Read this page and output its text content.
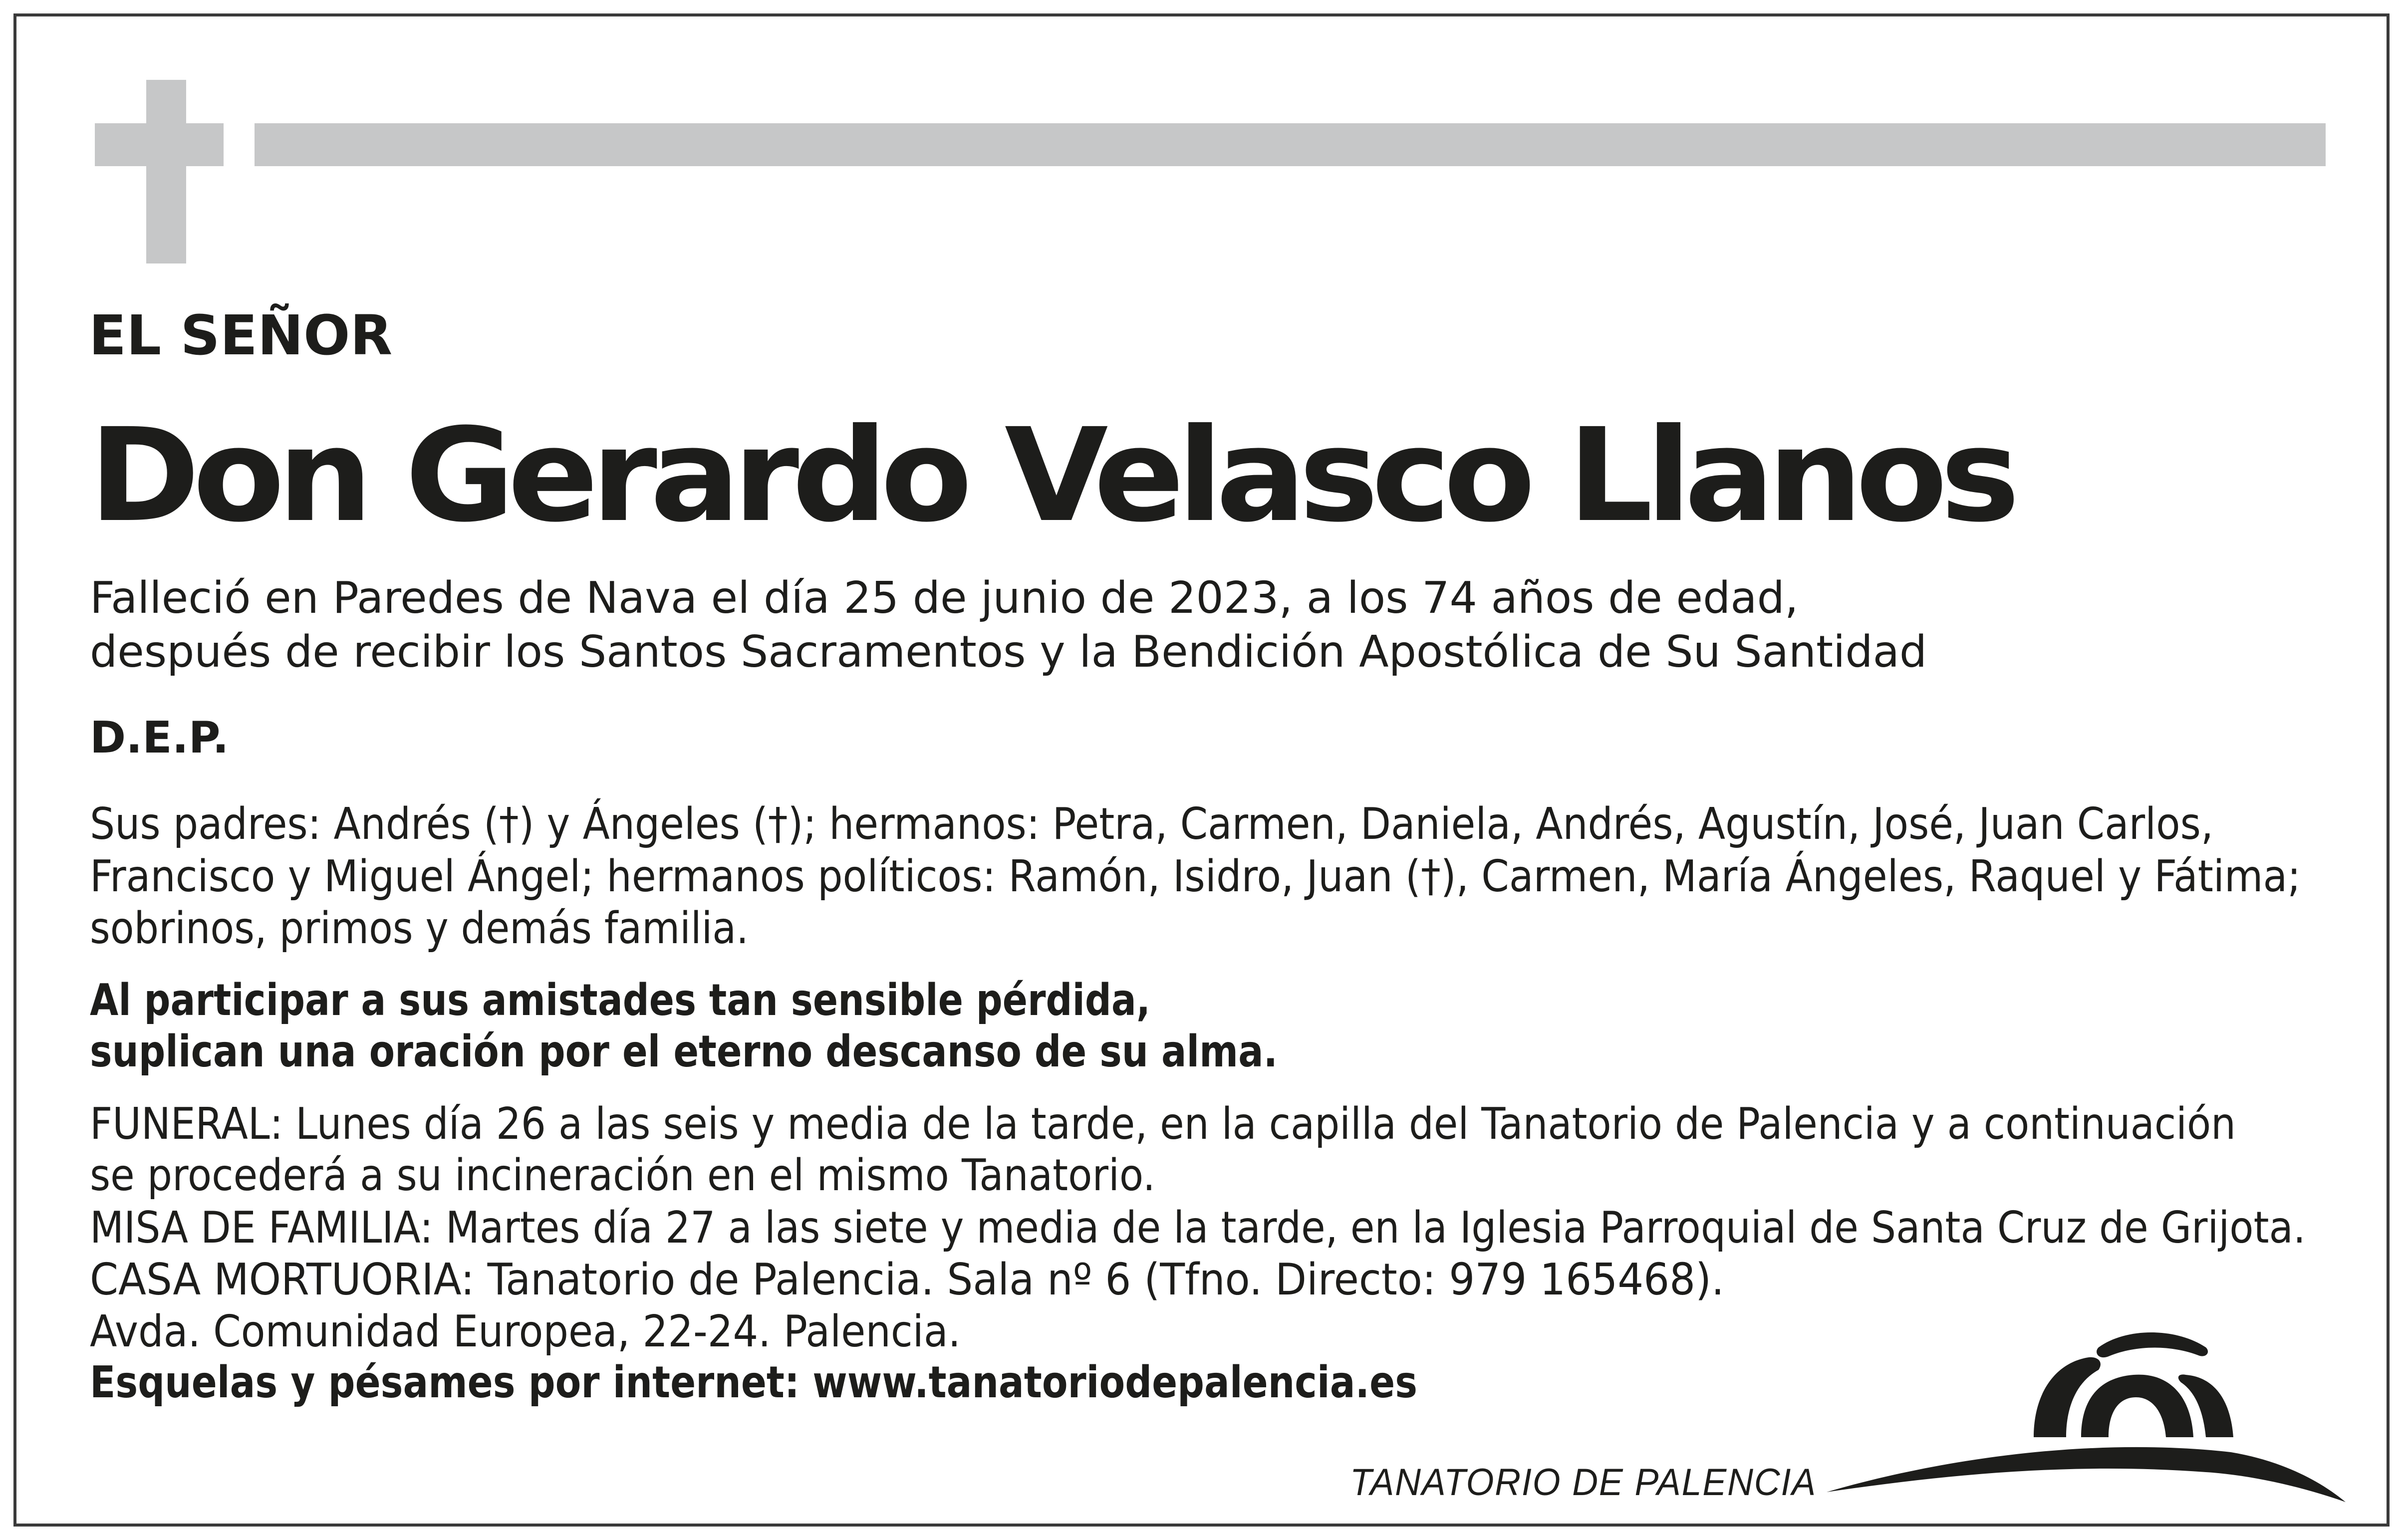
EL SEÑOR
Don Gerardo Velasco Llanos
Falleció en Paredes de Nava el día 25 de junio de 2023, a los 74 años de edad,
después de recibir los Santos Sacramentos y la Bendición Apostólica de Su Santidad
D.E.P.
Sus padres: Andrés (†) y Ángeles (†); hermanos: Petra, Carmen, Daniela, Andrés, Agustín, José, Juan Carlos,
Francisco y Miguel Ángel; hermanos políticos: Ramón, Isidro, Juan (†), Carmen, María Ángeles, Raquel y Fátima;
sobrinos, primos y demás familia.
Al participar a sus amistades tan sensible pérdida,
suplican una oración por el eterno descanso de su alma.
FUNERAL: Lunes día 26 a las seis y media de la tarde, en la capilla del Tanatorio de Palencia y a continuación
se procederá a su incineración en el mismo Tanatorio.
MISA DE FAMILIA: Martes día 27 a las siete y media de la tarde, en la Iglesia Parroquial de Santa Cruz de Grijota.
CASA MORTUORIA: Tanatorio de Palencia. Sala nº 6 (Tfno. Directo: 979 165468).
Avda. Comunidad Europea, 22-24. Palencia.
Esquelas y pésames por internet: www.tanatoriodepalencia.es
TANATORIO DE PALENCIA
